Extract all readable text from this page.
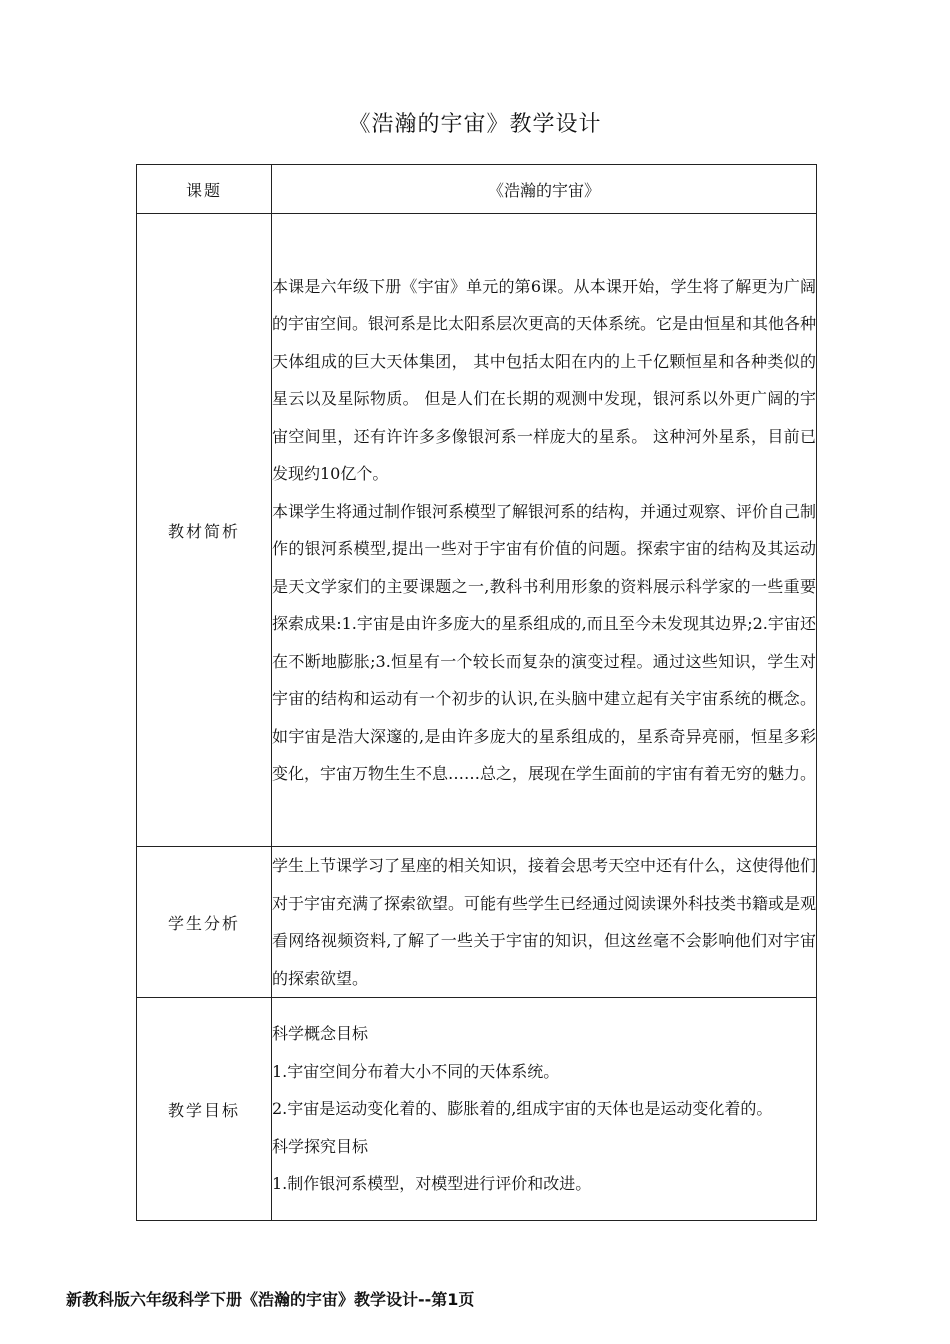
《浩瀚的宇宙》教学设计
课题	《浩瀚的宇宙》
教材简析	本课是六年级下册《宇宙》单元的第6课。从本课开始，学生将了解更为广阔的宇宙空间。银河系是比太阳系层次更高的天体系统。它是由恒星和其他各种天体组成的巨大天体集团， 其中包括太阳在内的上千亿颗恒星和各种类似的星云以及星际物质。 但是人们在长期的观测中发现，银河系以外更广阔的宇宙空间里，还有许许多多像银河系一样庞大的星系。 这种河外星系，目前已发现约10亿个。

本课学生将通过制作银河系模型了解银河系的结构，并通过观察、评价自己制作的银河系模型,提出一些对于宇宙有价值的问题。探索宇宙的结构及其运动是天文学家们的主要课题之一,教科书利用形象的资料展示科学家的一些重要探索成果:1.宇宙是由许多庞大的星系组成的,而且至今未发现其边界;2.宇宙还在不断地膨胀;3.恒星有一个较长而复杂的演变过程。通过这些知识，学生对宇宙的结构和运动有一个初步的认识,在头脑中建立起有关宇宙系统的概念。如宇宙是浩大深邃的,是由许多庞大的星系组成的，星系奇异亮丽，恒星多彩变化，宇宙万物生生不息……总之，展现在学生面前的宇宙有着无穷的魅力。

学生分析	学生上节课学习了星座的相关知识，接着会思考天空中还有什么，这使得他们对于宇宙充满了探索欲望。可能有些学生已经通过阅读课外科技类书籍或是观看网络视频资料,了解了一些关于宇宙的知识，但这丝毫不会影响他们对宇宙的探索欲望。

教学目标	科学概念目标

1.宇宙空间分布着大小不同的天体系统。

2.宇宙是运动变化着的、膨胀着的,组成宇宙的天体也是运动变化着的。

科学探究目标

1.制作银河系模型，对模型进行评价和改进。

新教科版六年级科学下册《浩瀚的宇宙》教学设计--第1页
